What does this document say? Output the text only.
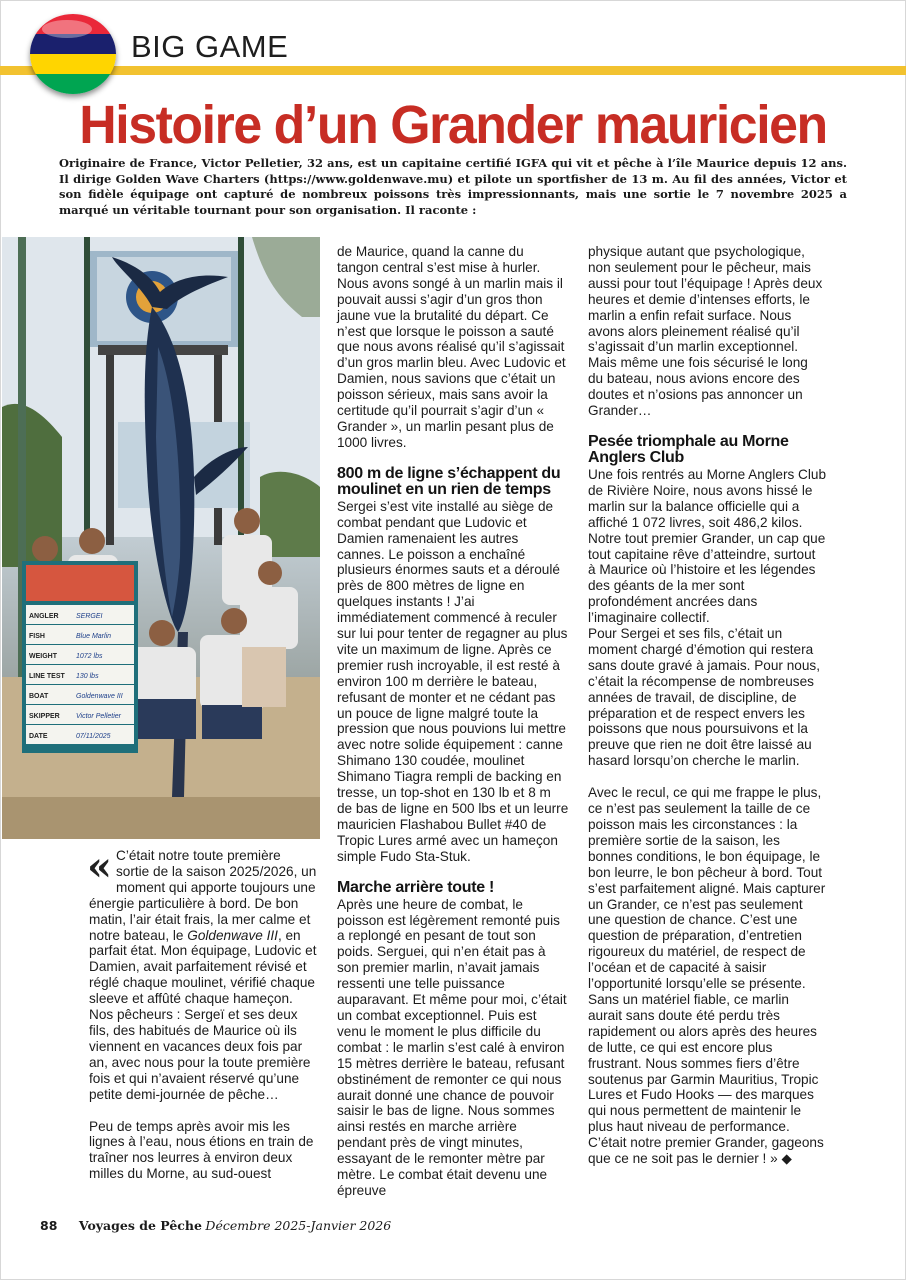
BIG GAME
Histoire d’un Grander mauricien

Originaire de France, Victor Pelletier, 32 ans, est un capitaine certifié IGFA qui vit et pêche à l’île Maurice depuis 12 ans. Il dirige Golden Wave Charters (https://www.goldenwave.mu) et pilote un sportfisher de 13 m. Au fil des années, Victor et son fidèle équipage ont capturé de nombreux poissons très impressionnants, mais une sortie le 7 novembre 2025 a marqué un véritable tournant pour son organisation. Il raconte :

ANGLER SERGEI
FISH	Blue Marlin
WEIGHT	1072 lbs
LINE TEST 130 lbs
BOAT	Goldenwave III
SKIPPER Victor Pelletier
DATE	07/11/2025

« C’était notre toute première sortie de la saison 2025/2026, un moment qui apporte toujours une énergie particulière à bord. De bon matin, l’air était frais, la mer calme et notre bateau, le Goldenwave III, en parfait état. Mon équipage, Ludovic et Damien, avait parfaitement révisé et réglé chaque moulinet, vérifié chaque sleeve et affûté chaque hameçon. Nos pêcheurs : Sergeï et ses deux fils, des habitués de Maurice où ils viennent en vacances deux fois par an, avec nous pour la toute première fois et qui n’avaient réservé qu’une petite demi-journée de pêche…

Peu de temps après avoir mis les lignes à l’eau, nous étions en train de traîner nos leurres à environ deux milles du Morne, au sud-ouest

de Maurice, quand la canne du tangon central s’est mise à hurler. Nous avons songé à un marlin mais il pouvait aussi s’agir d’un gros thon jaune vue la brutalité du départ. Ce n’est que lorsque le poisson a sauté que nous avons réalisé qu’il s’agissait d’un gros marlin bleu. Avec Ludovic et Damien, nous savions que c’était un poisson sérieux, mais sans avoir la certitude qu’il pourrait s’agir d’un « Grander », un marlin pesant plus de 1000 livres.

800 m de ligne s’échappent du moulinet en un rien de temps

Sergei s’est vite installé au siège de combat pendant que Ludovic et Damien ramenaient les autres cannes. Le poisson a enchaîné plusieurs énormes sauts et a déroulé près de 800 mètres de ligne en quelques instants ! J’ai immédiatement commencé à reculer sur lui pour tenter de regagner au plus vite un maximum de ligne. Après ce premier rush incroyable, il est resté à environ 100 m derrière le bateau, refusant de monter et ne cédant pas un pouce de ligne malgré toute la pression que nous pouvions lui mettre avec notre solide équipement : canne Shimano 130 coudée, moulinet Shimano Tiagra rempli de backing en tresse, un top-shot en 130 lb et 8 m de bas de ligne en 500 lbs et un leurre mauricien Flashabou Bullet #40 de Tropic Lures armé avec un hameçon simple Fudo Sta-Stuk.

Marche arrière toute !

Après une heure de combat, le poisson est légèrement remonté puis a replongé en pesant de tout son poids. Serguei, qui n’en était pas à son premier marlin, n’avait jamais ressenti une telle puissance auparavant. Et même pour moi, c’était un combat exceptionnel. Puis est venu le moment le plus difficile du combat : le marlin s’est calé à environ 15 mètres derrière le bateau, refusant obstinément de remonter ce qui nous aurait donné une chance de pouvoir saisir le bas de ligne. Nous sommes ainsi restés en marche arrière pendant près de vingt minutes, essayant de le remonter mètre par mètre. Le combat était devenu une épreuve

physique autant que psychologique, non seulement pour le pêcheur, mais aussi pour tout l’équipage ! Après deux heures et demie d’intenses efforts, le marlin a enfin refait surface. Nous avons alors pleinement réalisé qu’il s’agissait d’un marlin exceptionnel. Mais même une fois sécurisé le long du bateau, nous avions encore des doutes et n’osions pas annoncer un Grander…

Pesée triomphale au Morne Anglers Club

Une fois rentrés au Morne Anglers Club de Rivière Noire, nous avons hissé le marlin sur la balance officielle qui a affiché 1 072 livres, soit 486,2 kilos.

Notre tout premier Grander, un cap que tout capitaine rêve d’atteindre, surtout à Maurice où l’histoire et les légendes des géants de la mer sont profondément ancrées dans l’imaginaire collectif.

Pour Sergei et ses fils, c’était un moment chargé d’émotion qui restera sans doute gravé à jamais. Pour nous, c’était la récompense de nombreuses années de travail, de discipline, de préparation et de respect envers les poissons que nous poursuivons et la preuve que rien ne doit être laissé au hasard lorsqu’on cherche le marlin.

Avec le recul, ce qui me frappe le plus, ce n’est pas seulement la taille de ce poisson mais les circonstances : la première sortie de la saison, les bonnes conditions, le bon équipage, le bon leurre, le bon pêcheur à bord. Tout s’est parfaitement aligné. Mais capturer un Grander, ce n’est pas seulement une question de chance. C’est une question de préparation, d’entretien rigoureux du matériel, de respect de l’océan et de capacité à saisir l’opportunité lorsqu’elle se présente. Sans un matériel fiable, ce marlin aurait sans doute été perdu très rapidement ou alors après des heures de lutte, ce qui est encore plus frustrant. Nous sommes fiers d’être soutenus par Garmin Mauritius, Tropic Lures et Fudo Hooks — des marques qui nous permettent de maintenir le plus haut niveau de performance. C’était notre premier Grander, gageons que ce ne soit pas le dernier ! » ◆

88 Voyages de Pêche Décembre 2025-Janvier 2026
